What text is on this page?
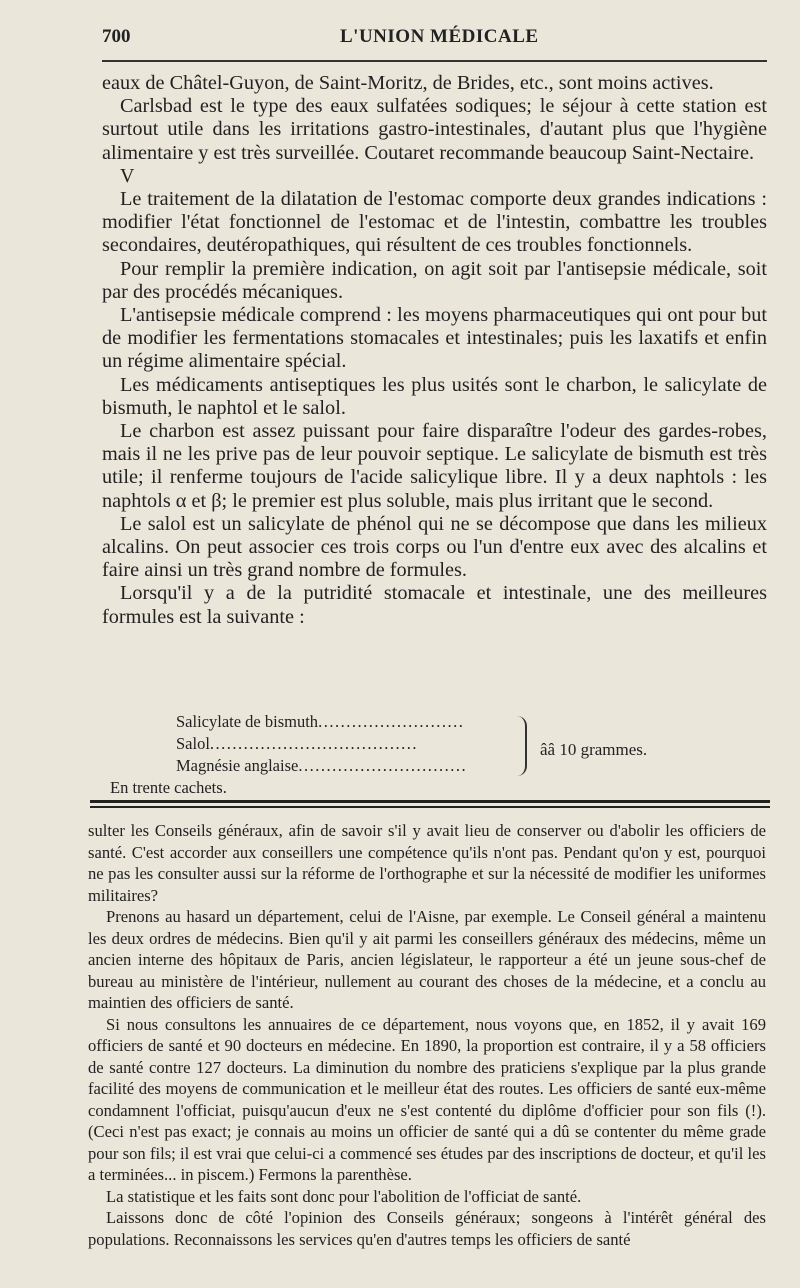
700	L'UNION MÉDICALE

eaux de Châtel-Guyon, de Saint-Moritz, de Brides, etc., sont moins actives.

Carlsbad est le type des eaux sulfatées sodiques; le séjour à cette station est surtout utile dans les irritations gastro-intestinales, d'autant plus que l'hygiène alimentaire y est très surveillée. Coutaret recommande beaucoup Saint-Nectaire.

V

Le traitement de la dilatation de l'estomac comporte deux grandes indications : modifier l'état fonctionnel de l'estomac et de l'intestin, combattre les troubles secondaires, deutéropathiques, qui résultent de ces troubles fonctionnels.

Pour remplir la première indication, on agit soit par l'antisepsie médicale, soit par des procédés mécaniques.

L'antisepsie médicale comprend : les moyens pharmaceutiques qui ont pour but de modifier les fermentations stomacales et intestinales; puis les laxatifs et enfin un régime alimentaire spécial.

Les médicaments antiseptiques les plus usités sont le charbon, le salicylate de bismuth, le naphtol et le salol.

Le charbon est assez puissant pour faire disparaître l'odeur des gardes-robes, mais il ne les prive pas de leur pouvoir septique. Le salicylate de bismuth est très utile; il renferme toujours de l'acide salicylique libre. Il y a deux naphtols : les naphtols α et β; le premier est plus soluble, mais plus irritant que le second.

Le salol est un salicylate de phénol qui ne se décompose que dans les milieux alcalins. On peut associer ces trois corps ou l'un d'entre eux avec des alcalins et faire ainsi un très grand nombre de formules.

Lorsqu'il y a de la putridité stomacale et intestinale, une des meilleures formules est la suivante :

Salicylate de bismuth..........................
Salol.....................................
Magnésie anglaise..............................
ââ 10 grammes.
En trente cachets.

sulter les Conseils généraux, afin de savoir s'il y avait lieu de conserver ou d'abolir les officiers de santé. C'est accorder aux conseillers une compétence qu'ils n'ont pas. Pendant qu'on y est, pourquoi ne pas les consulter aussi sur la réforme de l'orthographe et sur la nécessité de modifier les uniformes militaires?

Prenons au hasard un département, celui de l'Aisne, par exemple. Le Conseil général a maintenu les deux ordres de médecins. Bien qu'il y ait parmi les conseillers généraux des médecins, même un ancien interne des hôpitaux de Paris, ancien législateur, le rapporteur a été un jeune sous-chef de bureau au ministère de l'intérieur, nullement au courant des choses de la médecine, et a conclu au maintien des officiers de santé.

Si nous consultons les annuaires de ce département, nous voyons que, en 1852, il y avait 169 officiers de santé et 90 docteurs en médecine. En 1890, la proportion est contraire, il y a 58 officiers de santé contre 127 docteurs. La diminution du nombre des praticiens s'explique par la plus grande facilité des moyens de communication et le meilleur état des routes. Les officiers de santé eux-même condamnent l'officiat, puisqu'aucun d'eux ne s'est contenté du diplôme d'officier pour son fils (!). (Ceci n'est pas exact; je connais au moins un officier de santé qui a dû se contenter du même grade pour son fils; il est vrai que celui-ci a commencé ses études par des inscriptions de docteur, et qu'il les a terminées... in piscem.) Fermons la parenthèse.

La statistique et les faits sont donc pour l'abolition de l'officiat de santé.

Laissons donc de côté l'opinion des Conseils généraux; songeons à l'intérêt général des populations. Reconnaissons les services qu'en d'autres temps les officiers de santé
